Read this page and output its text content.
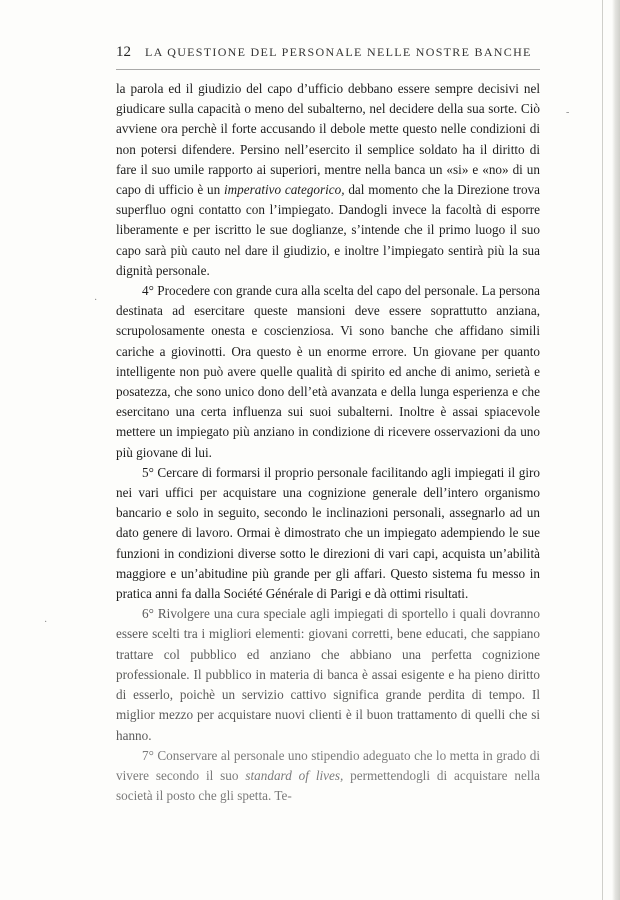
12 LA QUESTIONE DEL PERSONALE NELLE NOSTRE BANCHE

la parola ed il giudizio del capo d’ufficio debbano essere sempre decisivi nel giudicare sulla capacità o meno del subalterno, nel decidere della sua sorte. Ciò avviene ora perchè il forte accusando il debole mette questo nelle condizioni di non potersi difendere. Persino nell’esercito il semplice soldato ha il diritto di fare il suo umile rapporto ai superiori, mentre nella banca un «si» e «no» di un capo di ufficio è un imperativo categorico, dal momento che la Direzione trova superfluo ogni contatto con l’impiegato. Dandogli invece la facoltà di esporre liberamente e per iscritto le sue doglianze, s’intende che il primo luogo il suo capo sarà più cauto nel dare il giudizio, e inoltre l’impiegato sentirà più la sua dignità personale.

4° Procedere con grande cura alla scelta del capo del personale. La persona destinata ad esercitare queste mansioni deve essere soprattutto anziana, scrupolosamente onesta e coscienziosa. Vi sono banche che affidano simili cariche a giovinotti. Ora questo è un enorme errore. Un giovane per quanto intelligente non può avere quelle qualità di spirito ed anche di animo, serietà e posatezza, che sono unico dono dell’età avanzata e della lunga esperienza e che esercitano una certa influenza sui suoi subalterni. Inoltre è assai spiacevole mettere un impiegato più anziano in condizione di ricevere osservazioni da uno più giovane di lui.

5° Cercare di formarsi il proprio personale facilitando agli impiegati il giro nei vari uffici per acquistare una cognizione generale dell’intero organismo bancario e solo in seguito, secondo le inclinazioni personali, assegnarlo ad un dato genere di lavoro. Ormai è dimostrato che un impiegato adempiendo le sue funzioni in condizioni diverse sotto le direzioni di vari capi, acquista un’abilità maggiore e un’abitudine più grande per gli affari. Questo sistema fu messo in pratica anni fa dalla Société Générale di Parigi e dà ottimi risultati.

6° Rivolgere una cura speciale agli impiegati di sportello i quali dovranno essere scelti tra i migliori elementi: giovani corretti, bene educati, che sappiano trattare col pubblico ed anziano che abbiano una perfetta cognizione professionale. Il pubblico in materia di banca è assai esigente e ha pieno diritto di esserlo, poichè un servizio cattivo significa grande perdita di tempo. Il miglior mezzo per acquistare nuovi clienti è il buon trattamento di quelli che si hanno.

7° Conservare al personale uno stipendio adeguato che lo metta in grado di vivere secondo il suo standard of lives, permettendogli di acquistare nella società il posto che gli spetta. Te-

-
·
·
